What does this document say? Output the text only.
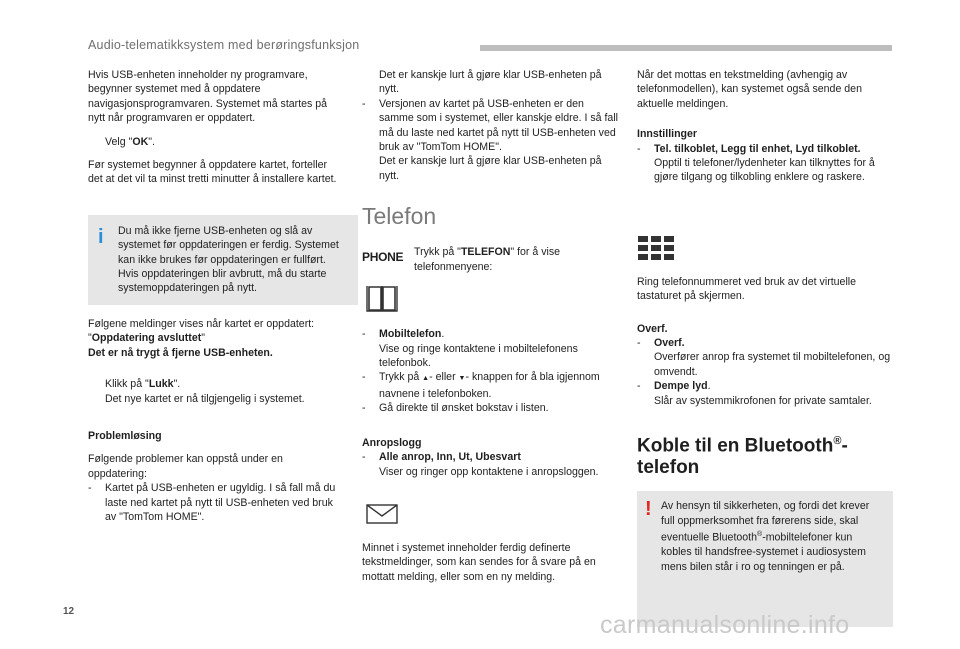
Audio-telematikksystem med berøringsfunksjon

Hvis USB-enheten inneholder ny programvare, begynner systemet med å oppdatere navigasjonsprogramvaren. Systemet må startes på nytt når programvaren er oppdatert.

Velg "OK".

Før systemet begynner å oppdatere kartet, forteller det at det vil ta minst tretti minutter å installere kartet.

i Du må ikke fjerne USB-enheten og slå av systemet før oppdateringen er ferdig. Systemet kan ikke brukes før oppdateringen er fullført. Hvis oppdateringen blir avbrutt, må du starte systemoppdateringen på nytt.

Følgene meldinger vises når kartet er oppdatert:
"Oppdatering avsluttet"
Det er nå trygt å fjerne USB-enheten.

Klikk på "Lukk".
Det nye kartet er nå tilgjengelig i systemet.

Problemløsing

Følgende problemer kan oppstå under en oppdatering:

- Kartet på USB-enheten er ugyldig. I så fall må du laste ned kartet på nytt til USB-enheten ved bruk av "TomTom HOME".
Det er kanskje lurt å gjøre klar USB-enheten på nytt.
- Versjonen av kartet på USB-enheten er den samme som i systemet, eller kanskje eldre. I så fall må du laste ned kartet på nytt til USB-enheten ved bruk av "TomTom HOME".
Det er kanskje lurt å gjøre klar USB-enheten på nytt.
Telefon
PHONE Trykk på "TELEFON" for å vise telefonmenyene:
- Mobiltelefon.
Vise og ringe kontaktene i mobiltelefonens telefonbok.
- Trykk på ▲- eller ▼- knappen for å bla igjennom navnene i telefonboken.
- Gå direkte til ønsket bokstav i listen.

Anropslogg

- Alle anrop, Inn, Ut, Ubesvart
Viser og ringer opp kontaktene i anropsloggen.

Minnet i systemet inneholder ferdig definerte tekstmeldinger, som kan sendes for å svare på en mottatt melding, eller som en ny melding.

Når det mottas en tekstmelding (avhengig av telefonmodellen), kan systemet også sende den aktuelle meldingen.

Innstillinger

- Tel. tilkoblet, Legg til enhet, Lyd tilkoblet.
Opptil ti telefoner/lydenheter kan tilknyttes for å gjøre tilgang og tilkobling enklere og raskere.

Ring telefonnummeret ved bruk av det virtuelle tastaturet på skjermen.

Overf.

- Overf.
Overfører anrop fra systemet til mobiltelefonen, og omvendt.
- Dempe lyd.
Slår av systemmikrofonen for private samtaler.
Koble til en Bluetooth®-
telefon
! Av hensyn til sikkerheten, og fordi det krever full oppmerksomhet fra førerens side, skal eventuelle Bluetooth®-mobiltelefoner kun kobles til handsfree-systemet i audiosystem mens bilen står i ro og tenningen er på.
12	carmanualsonline.info
